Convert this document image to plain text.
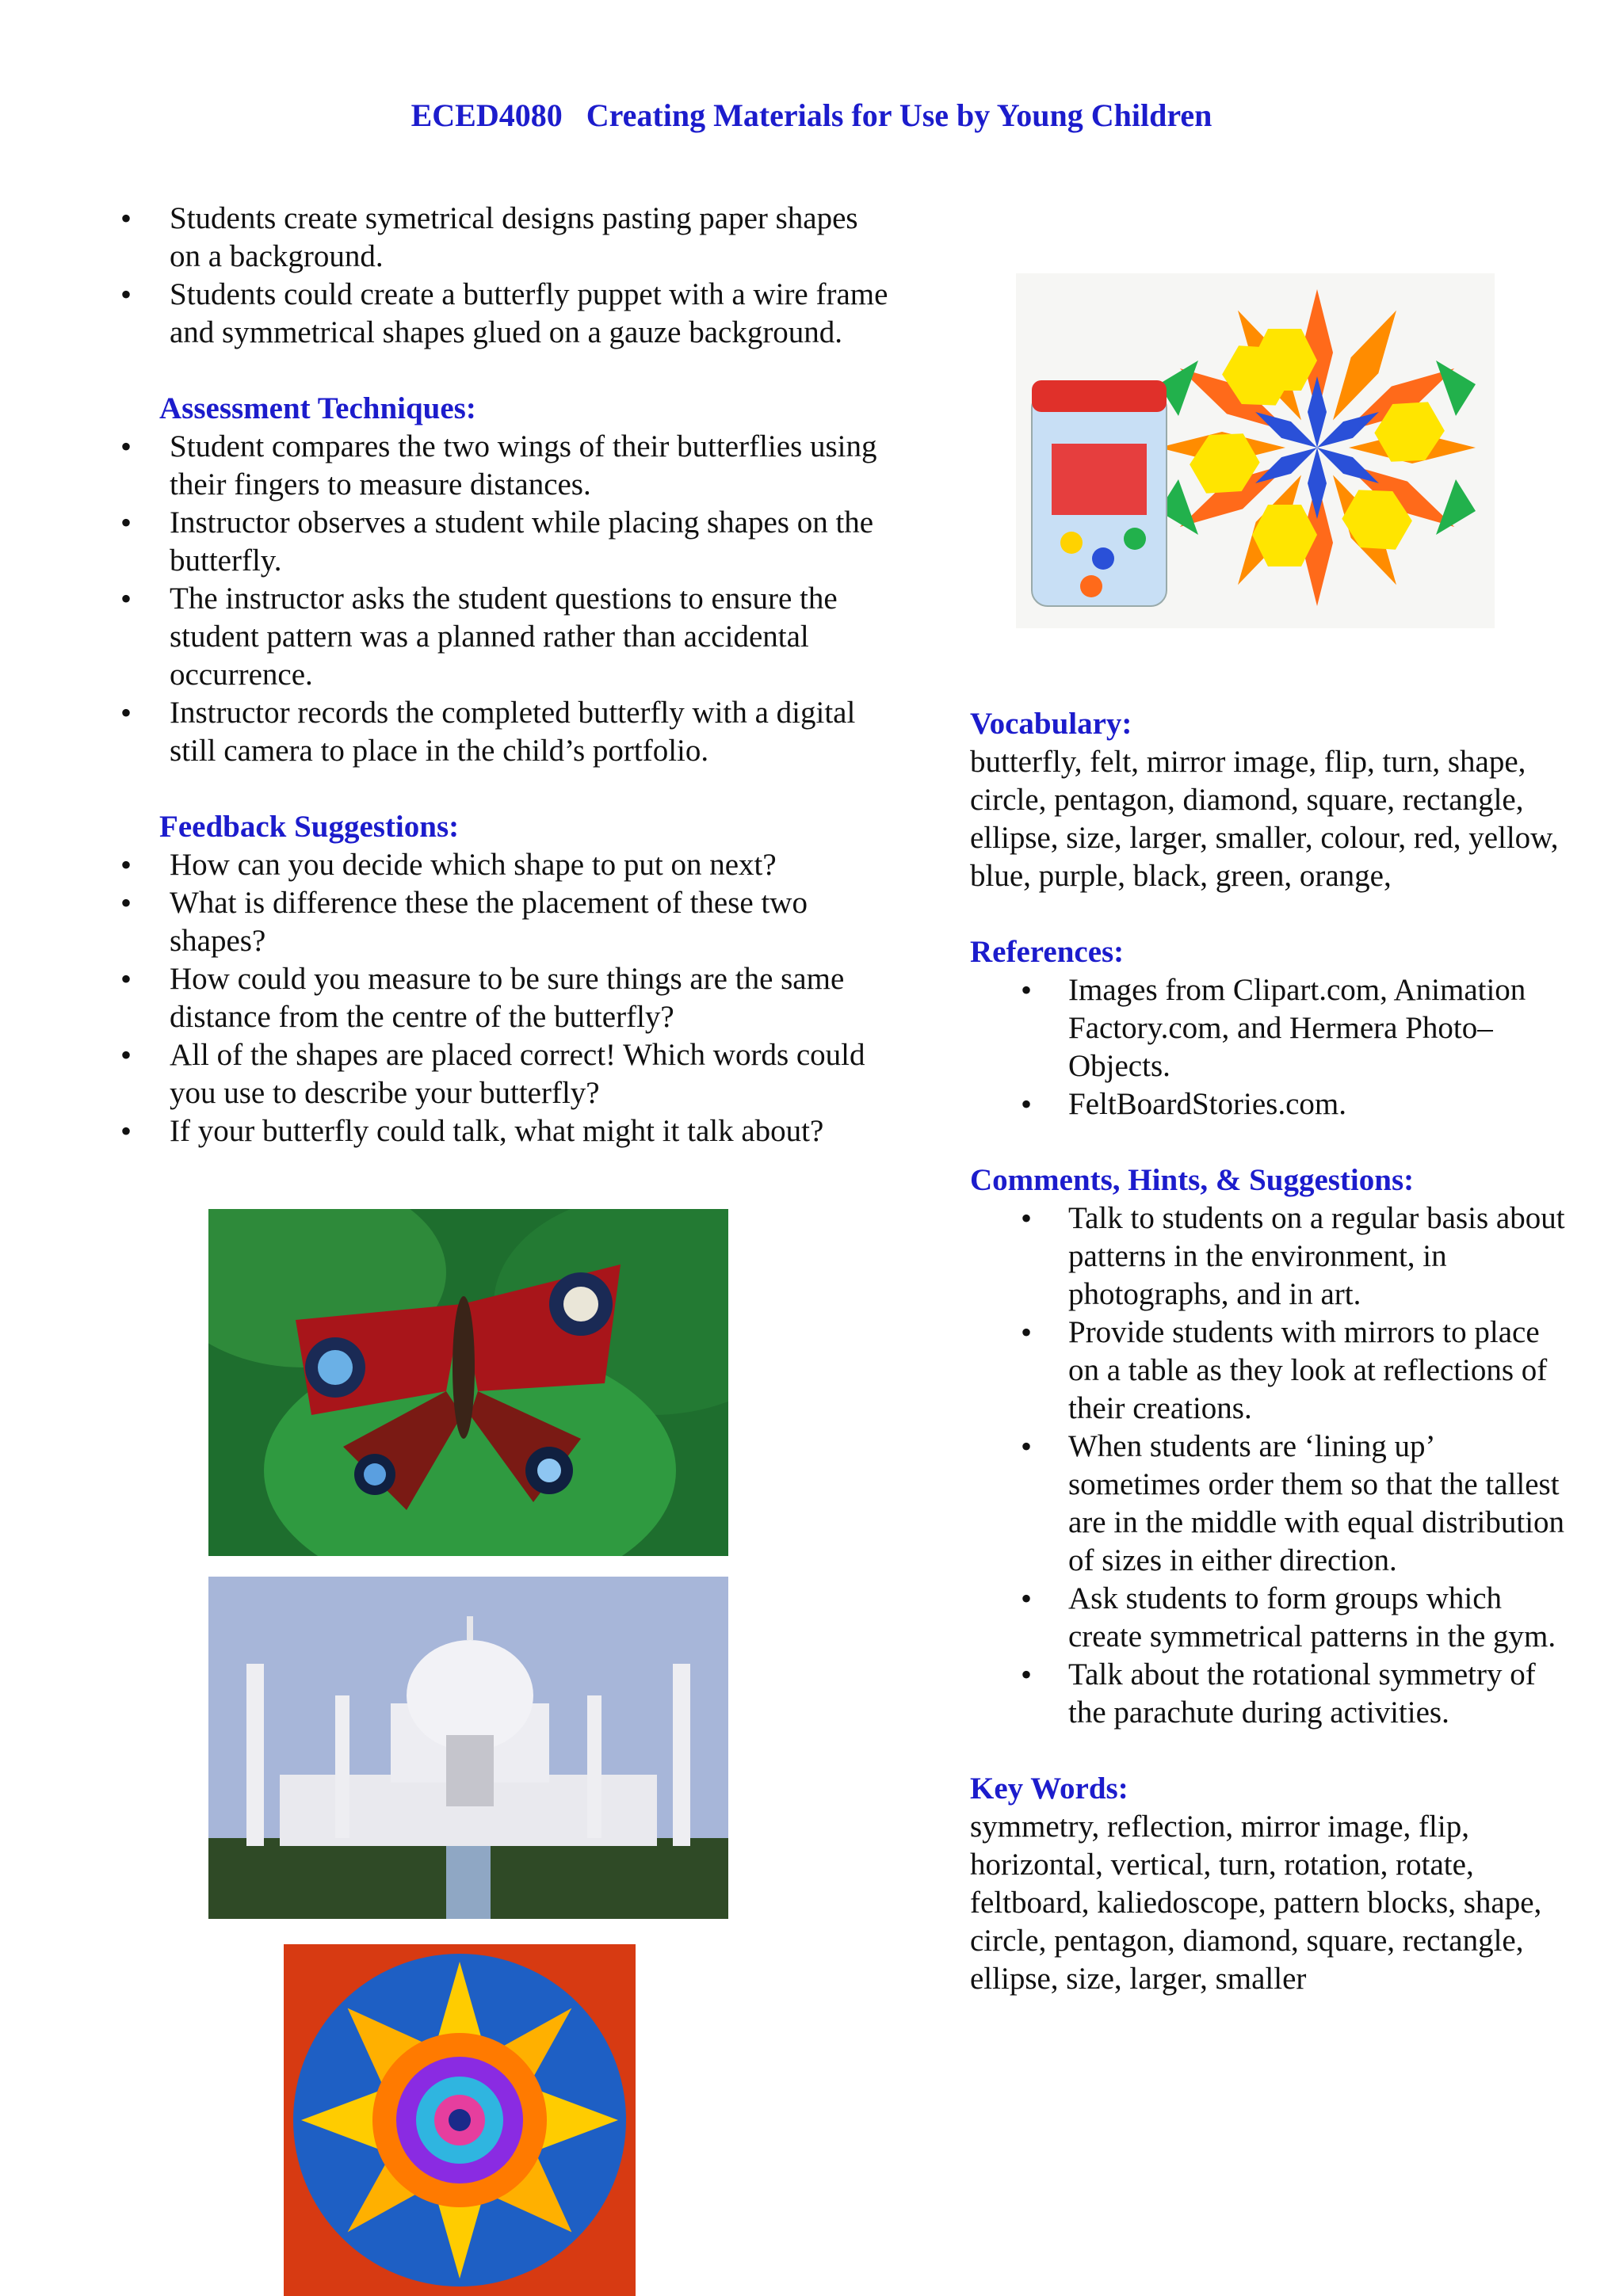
ECED4080   Creating Materials for Use by Young Children
• Students create symetrical designs pasting paper shapes on a background.
• Students could create a butterfly puppet with a wire frame and symmetrical shapes glued on a gauze background.
Assessment Techniques:
• Student compares the two wings of their butterflies using their fingers to measure distances.
• Instructor observes a student while placing shapes on the butterfly.
• The instructor asks the student questions to ensure the student pattern was a planned rather than accidental occurrence.
• Instructor records the completed butterfly with a digital still camera to place in the child’s portfolio.
Feedback Suggestions:
• How can you decide which shape to put on next?
• What is difference these the placement of these two shapes?
• How could you measure to be sure things are the same distance from the centre of the butterfly?
• All of the shapes are placed correct! Which words could you use to describe your butterfly?
• If your butterfly could talk, what might it talk about?
Vocabulary:
butterfly, felt, mirror image, flip, turn, shape, circle, pentagon, diamond, square, rectangle, ellipse, size, larger, smaller, colour, red, yellow, blue, purple, black, green, orange,
References:
• Images from Clipart.com, Animation Factory.com, and Hermera Photo–Objects.
• FeltBoardStories.com.
Comments, Hints, & Suggestions:
• Talk to students on a regular basis about patterns in the environment, in photographs, and in art.
• Provide students with mirrors to place on a table as they look at reflections of their creations.
• When students are ‘lining up’ sometimes order them so that the tallest are in the middle with equal distribution of sizes in either direction.
• Ask students to form groups which create symmetrical patterns in the gym.
• Talk about the rotational symmetry of the parachute during activities.
Key Words:
symmetry, reflection, mirror image, flip, horizontal, vertical, turn, rotation, rotate, feltboard, kaliedoscope, pattern blocks, shape, circle, pentagon, diamond, square, rectangle, ellipse, size, larger, smaller
